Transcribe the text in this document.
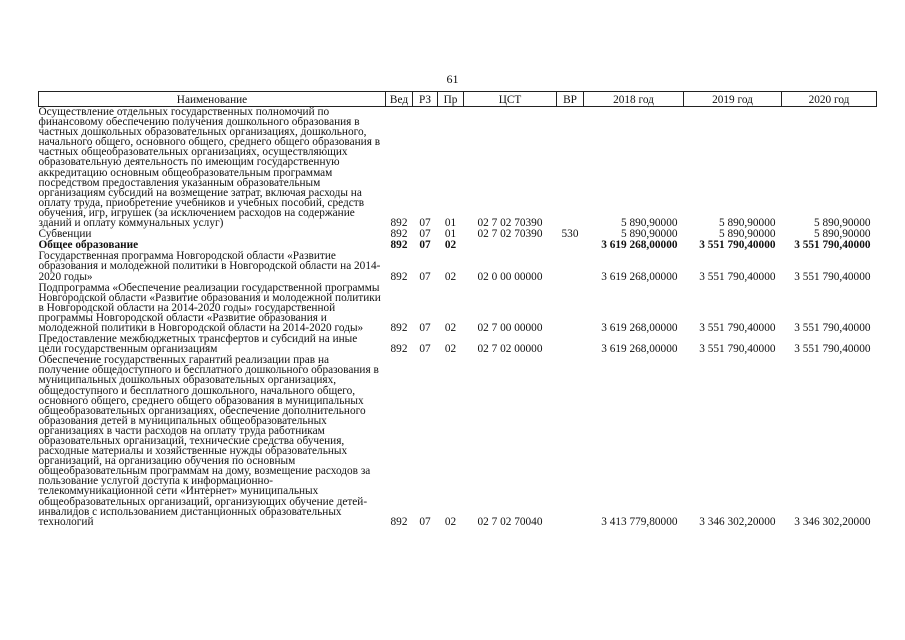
61
Наименование	Вед	РЗ	Пр	ЦСТ	ВР	2018 год	2019 год	2020 год
Осуществление отдельных государственных полномочий по финансовому обеспечению получения дошкольного образования в частных дошкольных образовательных организациях, дошкольного, начального общего, основного общего, среднего общего образования в частных общеобразовательных организациях, осуществляющих образовательную деятельность по имеющим государственную аккредитацию основным общеобразовательным программам посредством предоставления указанным образовательным организациям субсидий на возмещение затрат, включая расходы на оплату труда, приобретение учебников и учебных пособий, средств обучения, игр, игрушек (за исключением расходов на содержание зданий и оплату коммунальных услуг)	892	07	01	02 7 02 70390		5 890,90000	5 890,90000	5 890,90000
Субвенции	892	07	01	02 7 02 70390	530	5 890,90000	5 890,90000	5 890,90000
Общее образование	892	07	02			3 619 268,00000	3 551 790,40000	3 551 790,40000
Государственная программа Новгородской области «Развитие образования и молодежной политики в Новгородской области на 2014-2020 годы»	892	07	02	02 0 00 00000		3 619 268,00000	3 551 790,40000	3 551 790,40000
Подпрограмма «Обеспечение реализации государственной программы Новгородской области «Развитие образования и молодежной политики в Новгородской области на 2014-2020 годы» государственной программы Новгородской области «Развитие образования и молодежной политики в Новгородской области на 2014-2020 годы»	892	07	02	02 7 00 00000		3 619 268,00000	3 551 790,40000	3 551 790,40000
Предоставление межбюджетных трансфертов и субсидий на иные цели государственным организациям	892	07	02	02 7 02 00000		3 619 268,00000	3 551 790,40000	3 551 790,40000
Обеспечение государственных гарантий реализации прав на получение общедоступного и бесплатного дошкольного образования в муниципальных дошкольных образовательных организациях, общедоступного и бесплатного дошкольного, начального общего, основного общего, среднего общего образования в муниципальных общеобразовательных организациях, обеспечение дополнительного образования детей в муниципальных общеобразовательных организациях в части расходов на оплату труда работникам образовательных организаций, технические средства обучения, расходные материалы и хозяйственные нужды образовательных организаций, на организацию обучения по основным общеобразовательным программам на дому, возмещение расходов за пользование услугой доступа к информационно-телекоммуникационной сети «Интернет» муниципальных общеобразовательных организаций, организующих обучение детей-инвалидов с использованием дистанционных образовательных технологий	892	07	02	02 7 02 70040		3 413 779,80000	3 346 302,20000	3 346 302,20000
